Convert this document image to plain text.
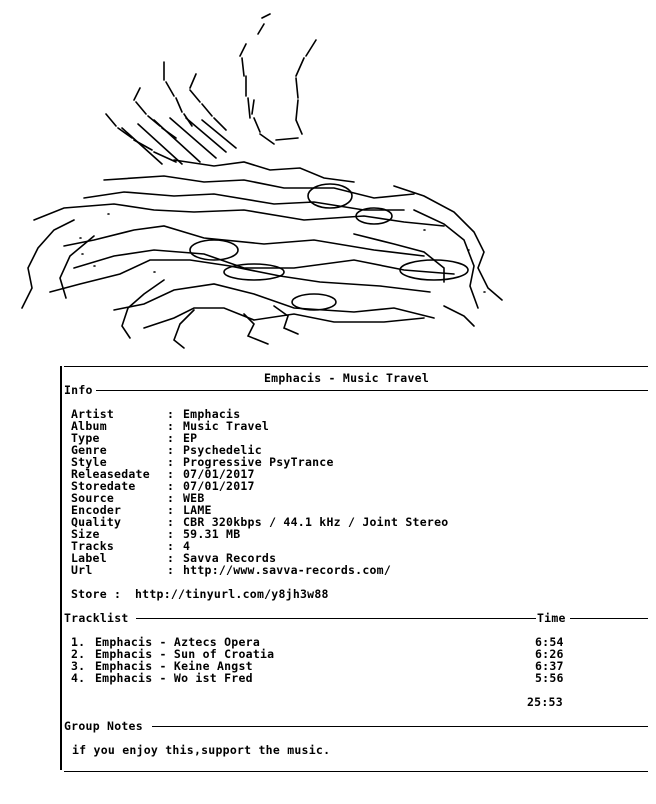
Emphacis - Music Travel
Info
Artist	: Emphacis
Album	: Music Travel
Type	: EP
Genre	: Psychedelic
Style	: Progressive PsyTrance
Releasedate : 07/01/2017
Storedate	: 07/01/2017
Source	: WEB
Encoder	: LAME
Quality	: CBR 320kbps / 44.1 kHz / Joint Stereo
Size	: 59.31 MB
Tracks	: 4
Label	: Savva Records
Url	: http://www.savva-records.com/
Store : http://tinyurl.com/y8jh3w88
Tracklist	Time
1. Emphacis - Aztecs Opera	6:54
2. Emphacis - Sun of Croatia	6:26
3. Emphacis - Keine Angst	6:37
4. Emphacis - Wo ist Fred	5:56
25:53
Group Notes
if you enjoy this,support the music.
